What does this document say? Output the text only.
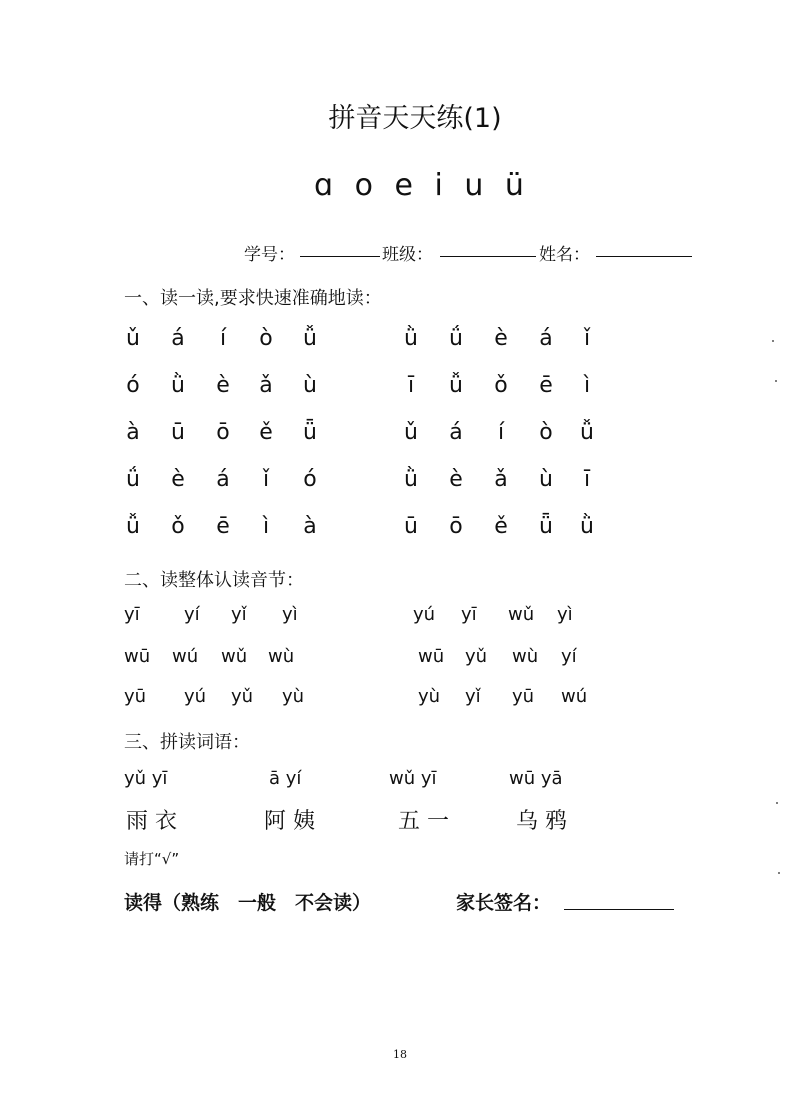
拼音天天练(1)
ɑ o e i u ü
学号：	班级：	姓名：
一、读一读,要求快速准确地读：
ǔ	á	í	ò	ǚ	ǜ	ǘ	è	á	ǐ
ó	ǜ	è	ǎ	ù	ī	ǚ	ǒ	ē	ì
à	ū	ō	ě	ǖ	ǔ	á	í	ò	ǚ
ǘ	è	á	ǐ	ó	ǜ	è	ǎ	ù	ī
ǚ	ǒ	ē	ì	à	ū	ō	ě	ǖ	ǜ
二、读整体认读音节：
yī yí yǐ yì	yú yī wǔ yì
wū wú wǔ wù	wū yǔ wù yí
yū yú yǔ yù	yù yǐ yū wú
三、拼读词语：
yǔ yī	ā yí	wǔ yī	wū yā
雨 衣	阿 姨	五 一	乌 鸦
请打“√”
读得（熟练　一般　不会读）	家长签名：
18
